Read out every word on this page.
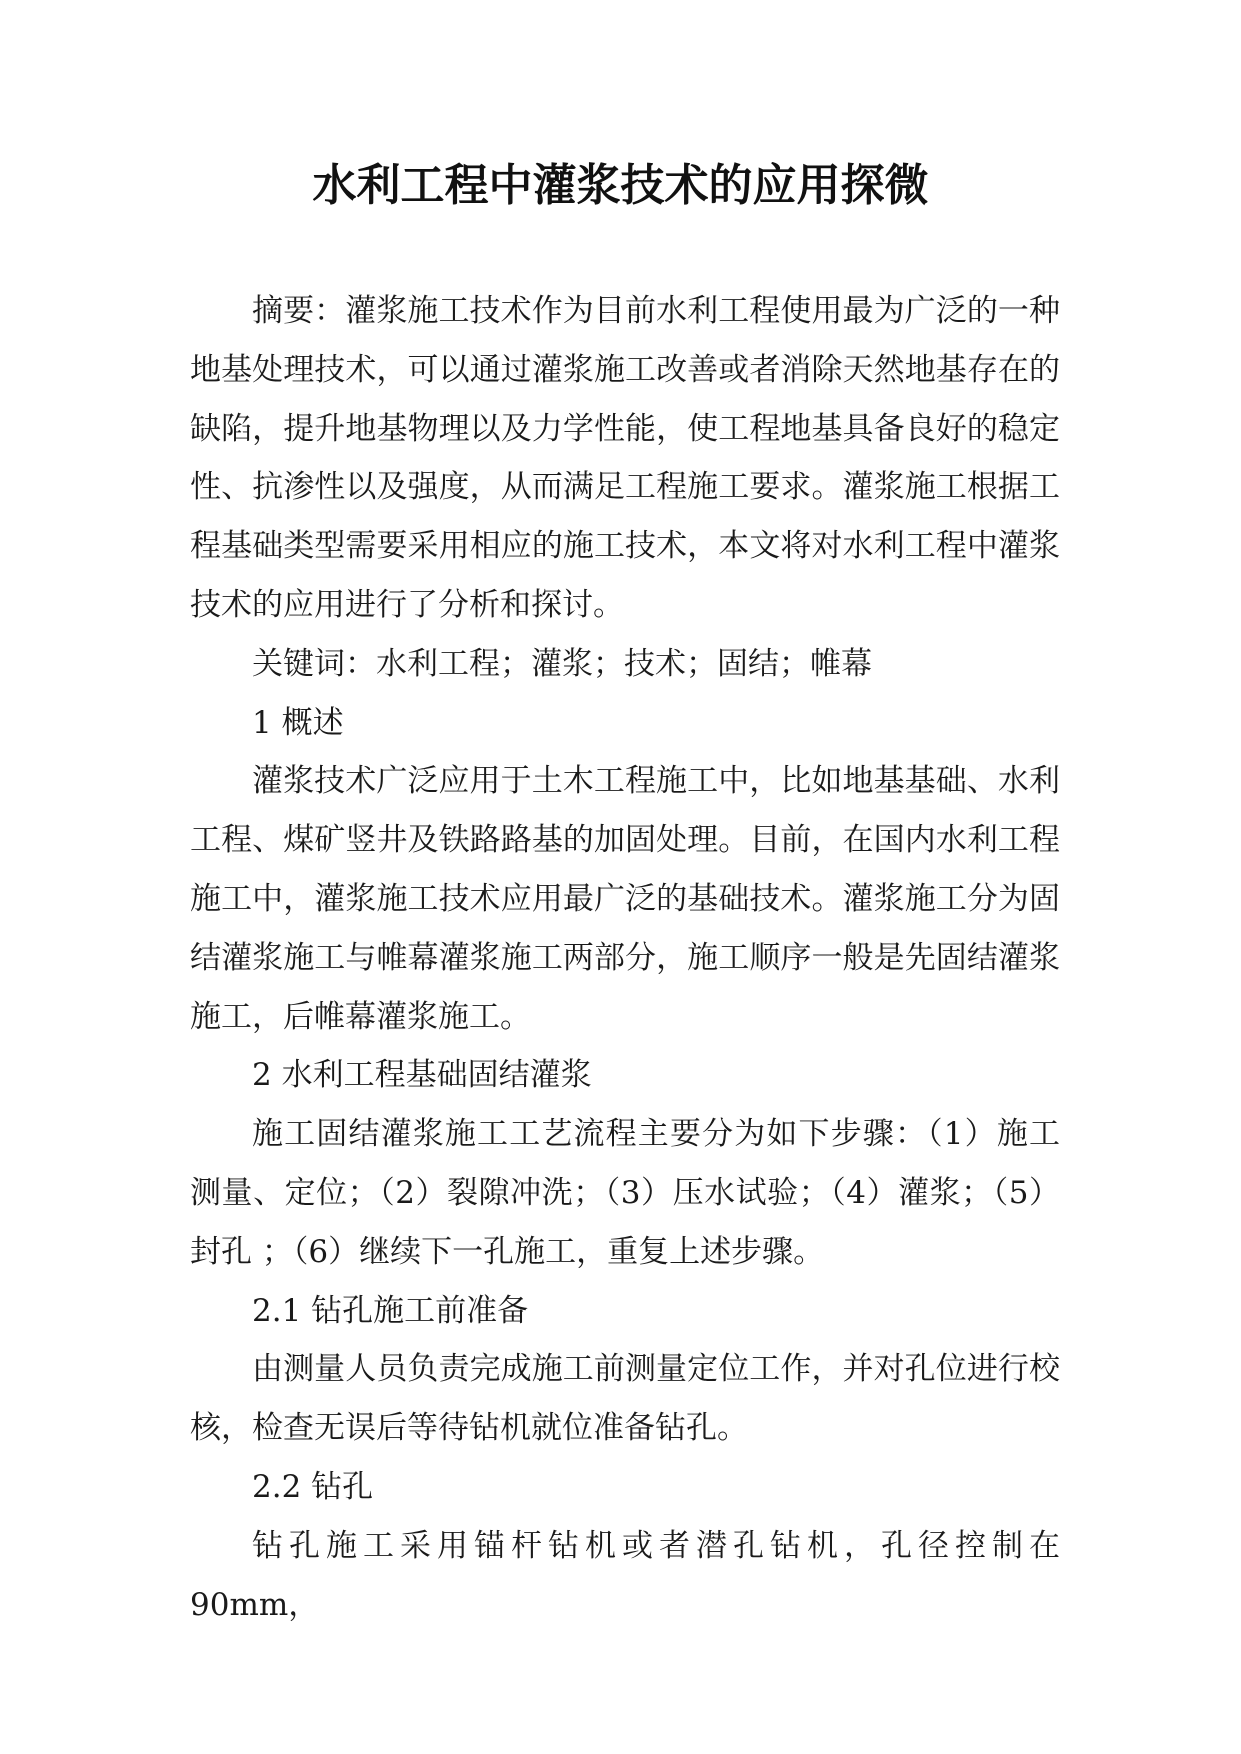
水利工程中灌浆技术的应用探微

摘要：灌浆施工技术作为目前水利工程使用最为广泛的一种地基处理技术，可以通过灌浆施工改善或者消除天然地基存在的缺陷，提升地基物理以及力学性能，使工程地基具备良好的稳定性、抗渗性以及强度，从而满足工程施工要求。灌浆施工根据工程基础类型需要采用相应的施工技术，本文将对水利工程中灌浆技术的应用进行了分析和探讨。

关键词：水利工程；灌浆；技术；固结；帷幕

1 概述

灌浆技术广泛应用于土木工程施工中，比如地基基础、水利工程、煤矿竖井及铁路路基的加固处理。目前，在国内水利工程施工中，灌浆施工技术应用最广泛的基础技术。灌浆施工分为固结灌浆施工与帷幕灌浆施工两部分，施工顺序一般是先固结灌浆施工，后帷幕灌浆施工。

2 水利工程基础固结灌浆

施工固结灌浆施工工艺流程主要分为如下步骤：（1）施工测量、定位；（2）裂隙冲洗；（3）压水试验；（4）灌浆；（5）封孔 ；（6）继续下一孔施工，重复上述步骤。

2.1 钻孔施工前准备

由测量人员负责完成施工前测量定位工作，并对孔位进行校核，检查无误后等待钻机就位准备钻孔。

2.2 钻孔

钻孔施工采用锚杆钻机或者潜孔钻机，孔径控制在90mm，
